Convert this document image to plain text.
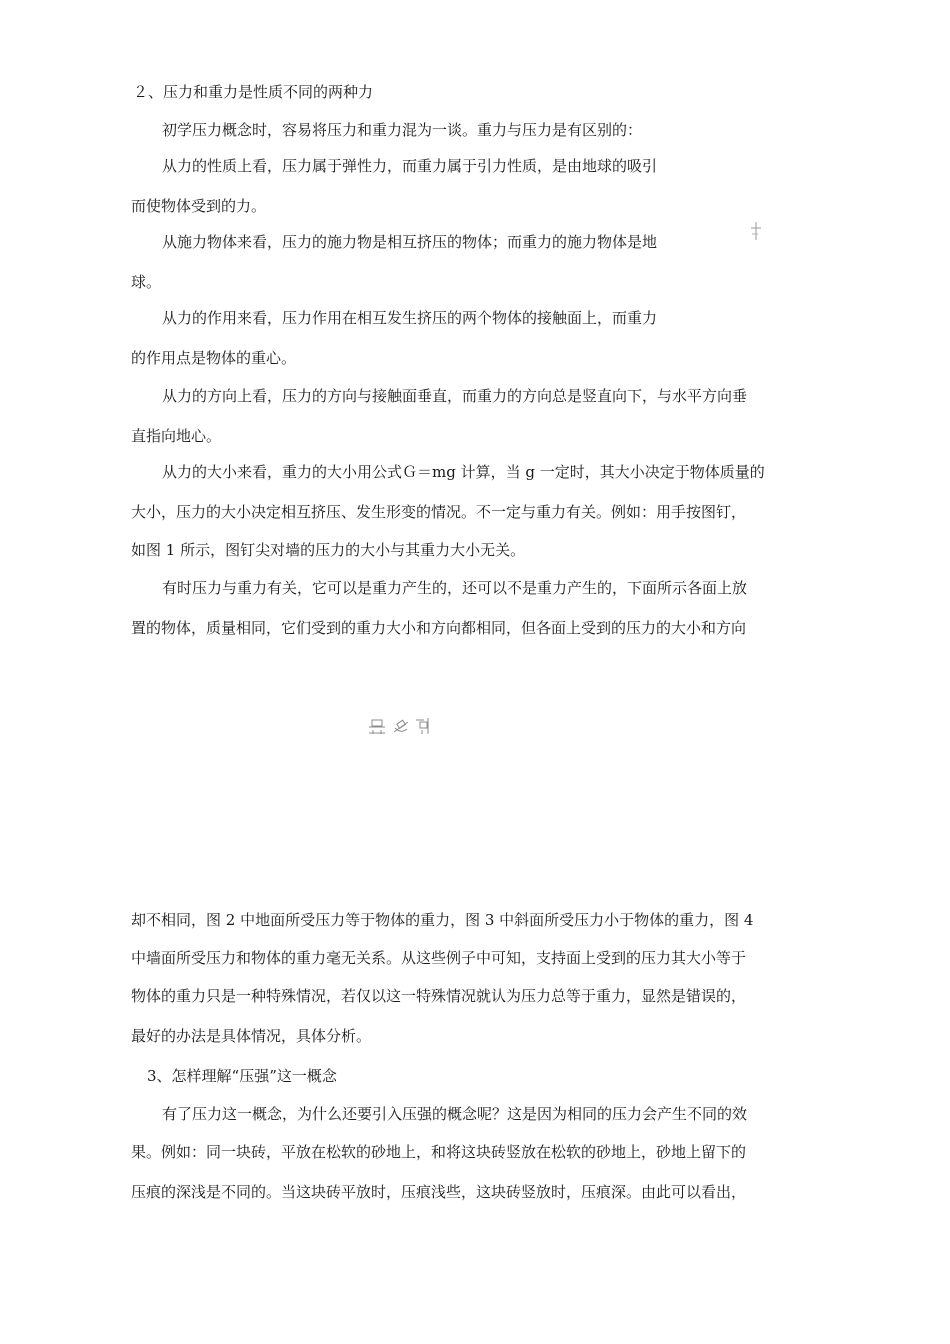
２、压力和重力是性质不同的两种力
初学压力概念时，容易将压力和重力混为一谈。重力与压力是有区别的：
从力的性质上看，压力属于弹性力，而重力属于引力性质，是由地球的吸引
而使物体受到的力。
从施力物体来看，压力的施力物是相互挤压的物体；而重力的施力物体是地
球。
从力的作用来看，压力作用在相互发生挤压的两个物体的接触面上，而重力
的作用点是物体的重心。
从力的方向上看，压力的方向与接触面垂直，而重力的方向总是竖直向下，与水平方向垂
直指向地心。
从力的大小来看，重力的大小用公式Ｇ＝mg 计算，当 g 一定时，其大小决定于物体质量的
大小，压力的大小决定相互挤压、发生形变的情况。不一定与重力有关。例如：用手按图钉，
如图 1 所示，图钉尖对墙的压力的大小与其重力大小无关。
有时压力与重力有关，它可以是重力产生的，还可以不是重力产生的，下面所示各面上放
置的物体，质量相同，它们受到的重力大小和方向都相同，但各面上受到的压力的大小和方向
却不相同，图 2 中地面所受压力等于物体的重力，图 3 中斜面所受压力小于物体的重力，图 4
中墙面所受压力和物体的重力毫无关系。从这些例子中可知，支持面上受到的压力其大小等于
物体的重力只是一种特殊情况，若仅以这一特殊情况就认为压力总等于重力，显然是错误的，
最好的办法是具体情况，具体分析。
3、怎样理解“压强”这一概念
有了压力这一概念，为什么还要引入压强的概念呢？这是因为相同的压力会产生不同的效
果。例如：同一块砖，平放在松软的砂地上，和将这块砖竖放在松软的砂地上，砂地上留下的
压痕的深浅是不同的。当这块砖平放时，压痕浅些，这块砖竖放时，压痕深。由此可以看出，
